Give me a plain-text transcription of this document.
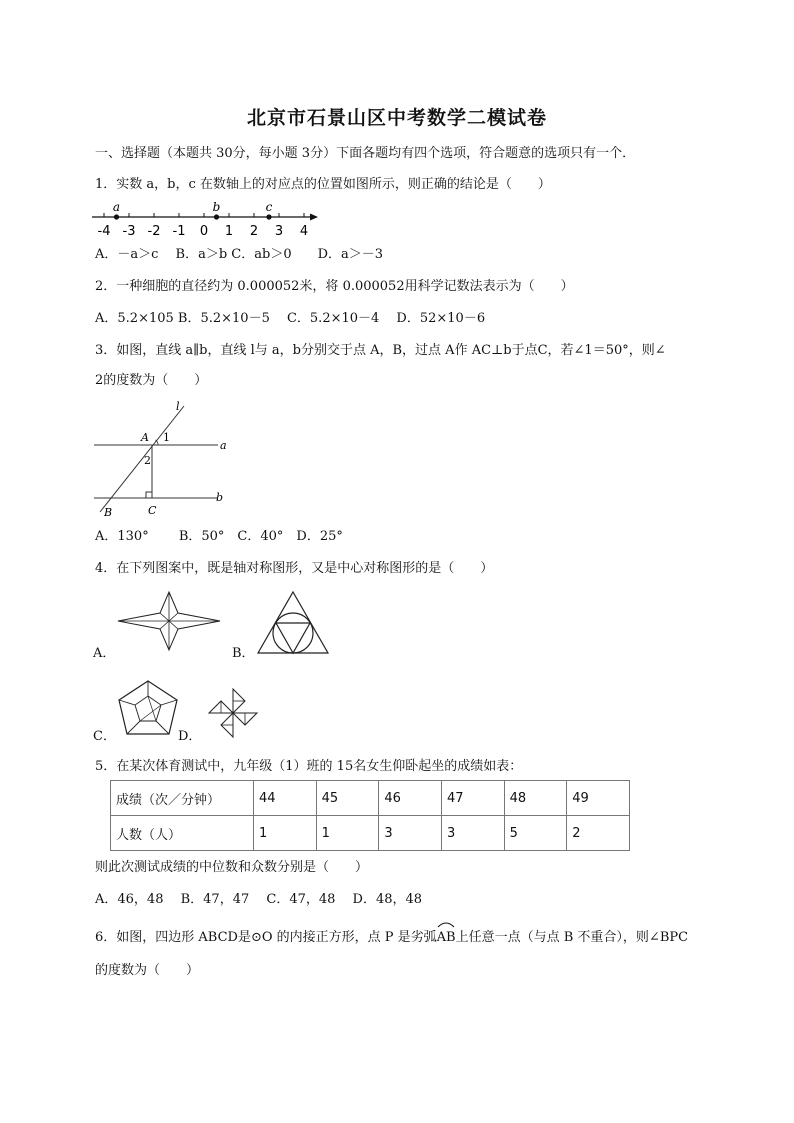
北京市石景山区中考数学二模试卷
一、选择题（本题共 30分，每小题 3分）下面各题均有四个选项，符合题意的选项只有一个．
1．实数 a，b，c 在数轴上的对应点的位置如图所示，则正确的结论是（　　）
-4 -3 -2 -1 0 1 2 3 4
a	b	c
A．－a＞c　 B．a＞b C．ab＞0　　D．a＞－3
2．一种细胞的直径约为 0.000052米，将 0.000052用科学记数法表示为（　　）
A．5.2×105 B．5.2×10－5　 C．5.2×10－4　 D．52×10－6
3．如图，直线 a∥b，直线 l与 a，b分别交于点 A，B，过点 A作 AC⊥b于点C，若∠1＝50°，则∠
2的度数为（　　）
l
A 1
2
a
b
B	C
A．130°　　 B．50°　C．40°　D．25°
4．在下列图案中，既是轴对称图形，又是中心对称图形的是（　　）
A．	B．
C．	D．
5．在某次体育测试中，九年级（1）班的 15名女生仰卧起坐的成绩如表：
成绩（次／分钟）	44	45	46	47	48	49
人数（人）	1	1	3	3	5	2
则此次测试成绩的中位数和众数分别是（　　）
A．46，48　 B．47，47　 C．47，48　 D．48，48
6．如图，四边形 ABCD是⊙O 的内接正方形，点 P 是劣弧
AB上任意一点（与点 B 不重合），则∠BPC
的度数为（　　）
